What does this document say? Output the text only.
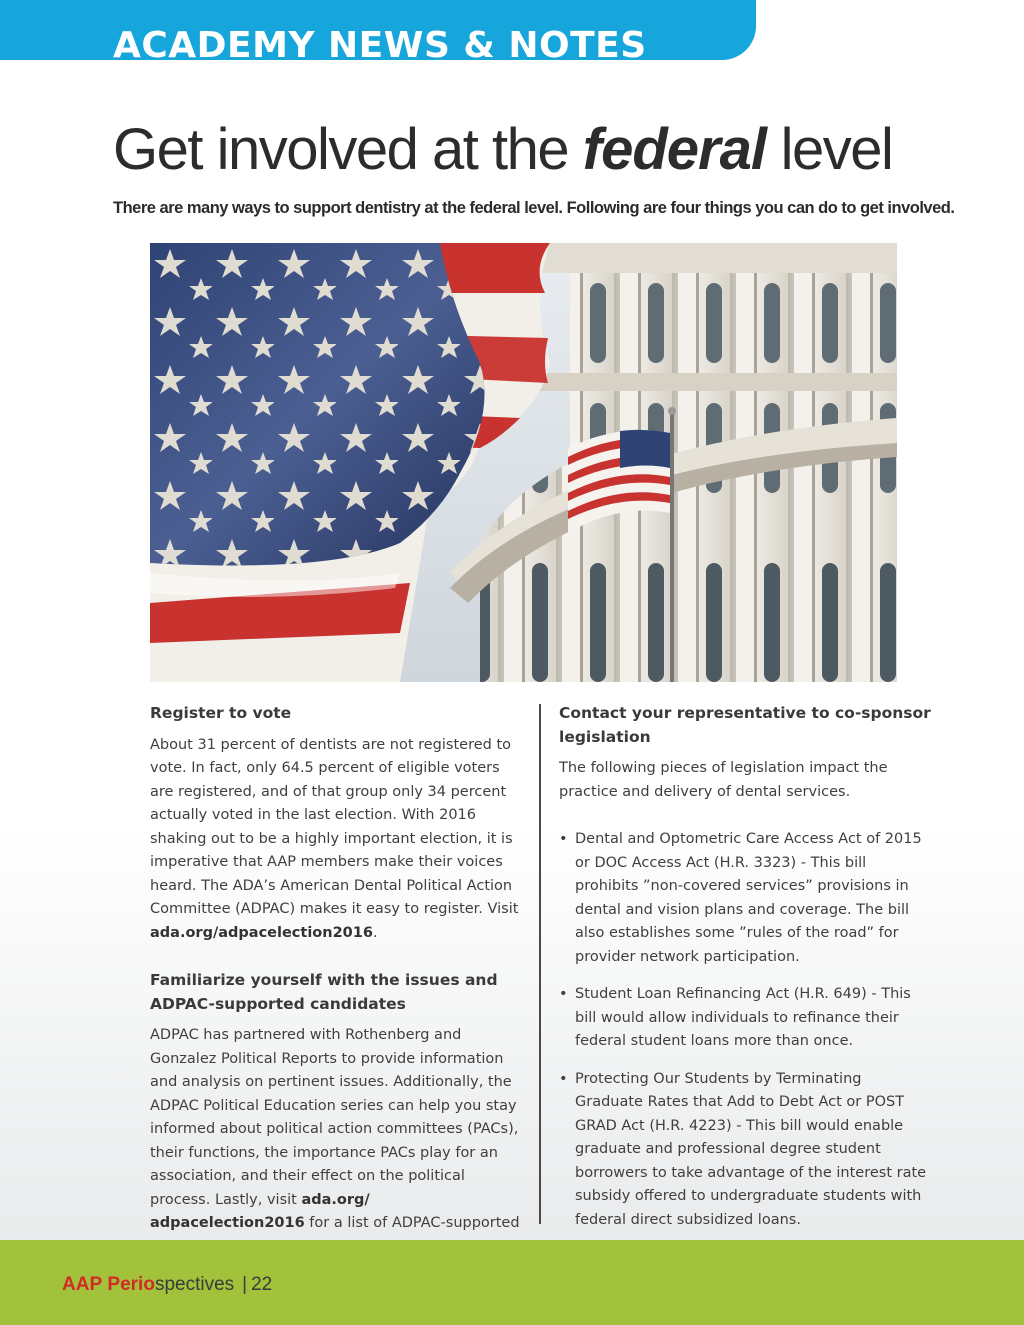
ACADEMY NEWS & NOTES
Get involved at the federal level

There are many ways to support dentistry at the federal level. Following are four things you can do to get involved.

Register to vote

About 31 percent of dentists are not registered to vote. In fact, only 64.5 percent of eligible voters are registered, and of that group only 34 percent actually voted in the last election. With 2016 shaking out to be a highly important election, it is imperative that AAP members make their voices heard. The ADA’s American Dental Political Action Committee (ADPAC) makes it easy to register. Visit ada.org/adpacelection2016.

Familiarize yourself with the issues and ADPAC-supported candidates

ADPAC has partnered with Rothenberg and Gonzalez Political Reports to provide information and analysis on pertinent issues. Additionally, the ADPAC Political Education series can help you stay informed about political action committees (PACs), their functions, the importance PACs play for an association, and their effect on the political process. Lastly, visit ada.org/ adpacelection2016 for a list of ADPAC-supported

Contact your representative to co-sponsor legislation

The following pieces of legislation impact the practice and delivery of dental services.

• Dental and Optometric Care Access Act of 2015 or DOC Access Act (H.R. 3323) - This bill prohibits ”non-covered services” provisions in dental and vision plans and coverage. The bill also establishes some ”rules of the road” for provider network participation.
• Student Loan Refinancing Act (H.R. 649) - This bill would allow individuals to refinance their federal student loans more than once.
• Protecting Our Students by Terminating Graduate Rates that Add to Debt Act or POST GRAD Act (H.R. 4223) - This bill would enable graduate and professional degree student borrowers to take advantage of the interest rate subsidy offered to undergraduate students with federal direct subsidized loans.
AAP Periospectives | 22
